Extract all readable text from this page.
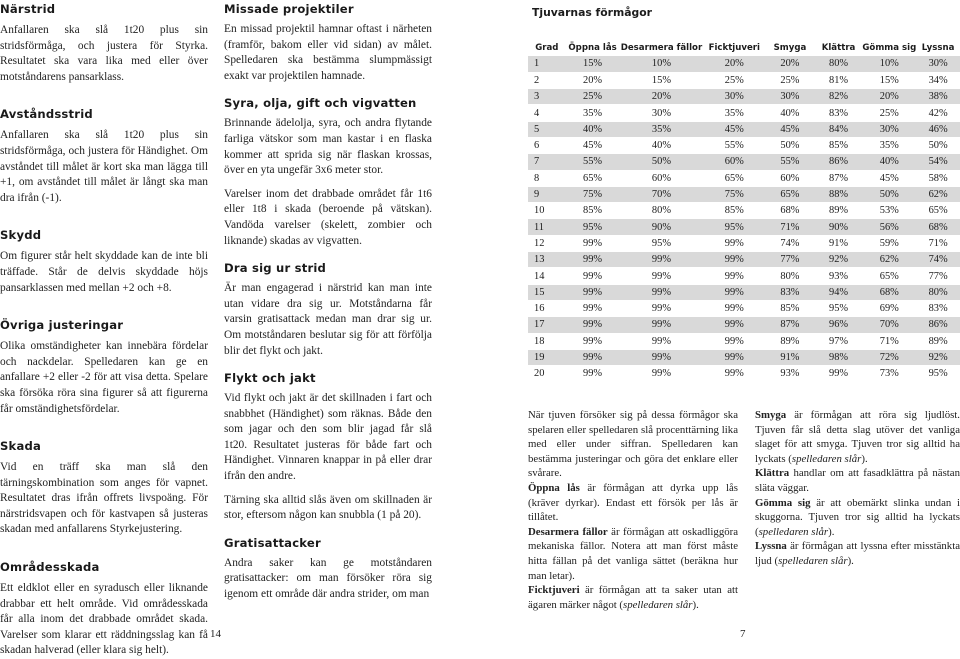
Närstrid

Anfallaren ska slå 1t20 plus sin stridsförmåga, och justera för Styrka. Resultatet ska vara lika med eller över motståndarens pansarklass.

Avståndsstrid

Anfallaren ska slå 1t20 plus sin stridsförmåga, och justera för Händighet. Om avståndet till målet är kort ska man lägga till +1, om avståndet till målet är långt ska man dra ifrån (-1).

Skydd

Om figurer står helt skyddade kan de inte bli träffade. Står de delvis skyddade höjs pansarklassen med mellan +2 och +8.

Övriga justeringar

Olika omständigheter kan innebära fördelar och nackdelar. Spelledaren kan ge en anfallare +2 eller -2 för att visa detta. Spelare ska försöka röra sina figurer så att figurerna får omständighetsfördelar.

Skada

Vid en träff ska man slå den tärningskombination som anges för vapnet. Resultatet dras ifrån offrets livspoäng. För närstridsvapen och för kastvapen så justeras skadan med anfallarens Styrkejustering.

Områdesskada

Ett eldklot eller en syradusch eller liknande drabbar ett helt område. Vid områdesskada får alla inom det drabbade området skada. Varelser som klarar ett räddningsslag kan få skadan halverad (eller klara sig helt).

Missade projektiler

En missad projektil hamnar oftast i närheten (framför, bakom eller vid sidan) av målet. Spelledaren ska bestämma slumpmässigt exakt var projektilen hamnade.

Syra, olja, gift och vigvatten

Brinnande ädelolja, syra, och andra flytande farliga vätskor som man kastar i en flaska kommer att sprida sig när flaskan krossas, över en yta ungefär 3x6 meter stor.

Varelser inom det drabbade området får 1t6 eller 1t8 i skada (beroende på vätskan). Vandöda varelser (skelett, zombier och liknande) skadas av vigvatten.

Dra sig ur strid

Är man engagerad i närstrid kan man inte utan vidare dra sig ur. Motståndarna får varsin gratisattack medan man drar sig ur. Om motståndaren beslutar sig för att förfölja blir det flykt och jakt.

Flykt och jakt

Vid flykt och jakt är det skillnaden i fart och snabbhet (Händighet) som räknas. Både den som jagar och den som blir jagad får slå 1t20. Resultatet justeras för både fart och Händighet. Vinnaren knappar in på eller drar ifrån den andre.

Tärning ska alltid slås även om skillnaden är stor, eftersom någon kan snubbla (1 på 20).

Gratisattacker

Andra saker kan ge motståndaren gratisattacker: om man försöker röra sig igenom ett område där andra strider, om man

14
Tjuvarnas förmågor
Grad	Öppna lås	Desarmera fällor	Ficktjuveri	Smyga	Klättra	Gömma sig	Lyssna
1	15%	10%	20%	20%	80%	10%	30%
2	20%	15%	25%	25%	81%	15%	34%
3	25%	20%	30%	30%	82%	20%	38%
4	35%	30%	35%	40%	83%	25%	42%
5	40%	35%	45%	45%	84%	30%	46%
6	45%	40%	55%	50%	85%	35%	50%
7	55%	50%	60%	55%	86%	40%	54%
8	65%	60%	65%	60%	87%	45%	58%
9	75%	70%	75%	65%	88%	50%	62%
10	85%	80%	85%	68%	89%	53%	65%
11	95%	90%	95%	71%	90%	56%	68%
12	99%	95%	99%	74%	91%	59%	71%
13	99%	99%	99%	77%	92%	62%	74%
14	99%	99%	99%	80%	93%	65%	77%
15	99%	99%	99%	83%	94%	68%	80%
16	99%	99%	99%	85%	95%	69%	83%
17	99%	99%	99%	87%	96%	70%	86%
18	99%	99%	99%	89%	97%	71%	89%
19	99%	99%	99%	91%	98%	72%	92%
20	99%	99%	99%	93%	99%	73%	95%

När tjuven försöker sig på dessa förmågor ska spelaren eller spelledaren slå procenttärning lika med eller under siffran. Spelledaren kan bestämma justeringar och göra det enklare eller svårare.

Öppna lås är förmågan att dyrka upp lås (kräver dyrkar). Endast ett försök per lås är tillåtet.

Desarmera fällor är förmågan att oskadliggöra mekaniska fällor. Notera att man först måste hitta fällan på det vanliga sättet (beräkna hur man letar).

Ficktjuveri är förmågan att ta saker utan att ägaren märker något (spelledaren slår).

Smyga är förmågan att röra sig ljudlöst. Tjuven får slå detta slag utöver det vanliga slaget för att smyga. Tjuven tror sig alltid ha lyckats (spelledaren slår).

Klättra handlar om att fasadklättra på nästan släta väggar.

Gömma sig är att obemärkt slinka undan i skuggorna. Tjuven tror sig alltid ha lyckats (spelledaren slår).

Lyssna är förmågan att lyssna efter misstänkta ljud (spelledaren slår).

7
